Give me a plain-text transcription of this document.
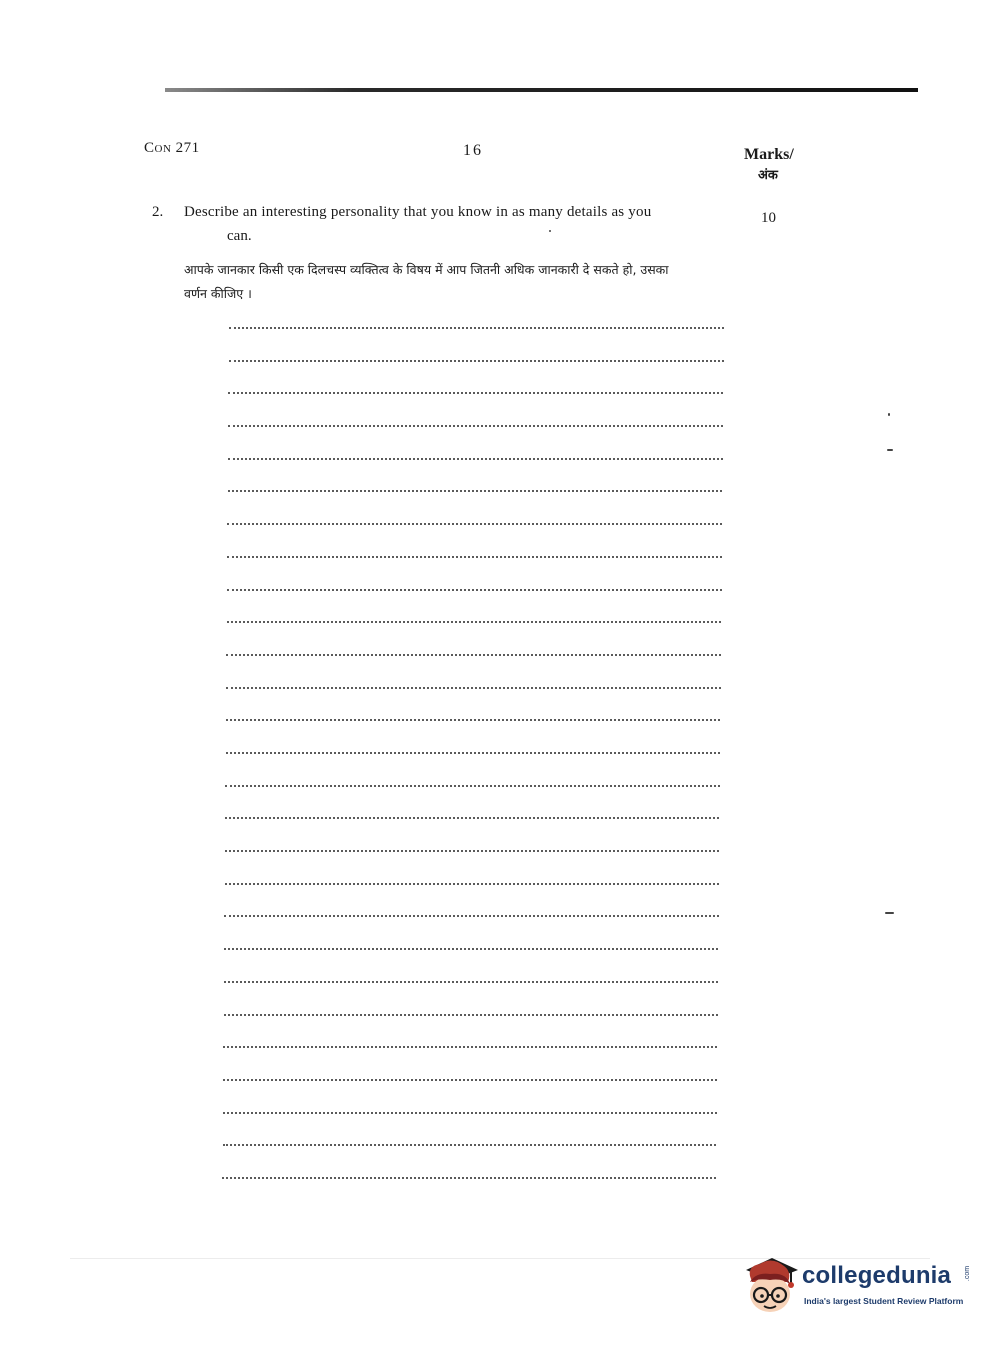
Con 271	16	Marks/
अंक
2. Describe an interesting personality that you know in as many details as you
can.
10
आपके जानकार किसी एक दिलचस्प व्यक्तित्व के विषय में आप जितनी अधिक जानकारी दे सकते हो, उसका
वर्णन कीजिए ।
collegedunia .com
India's largest Student Review Platform
